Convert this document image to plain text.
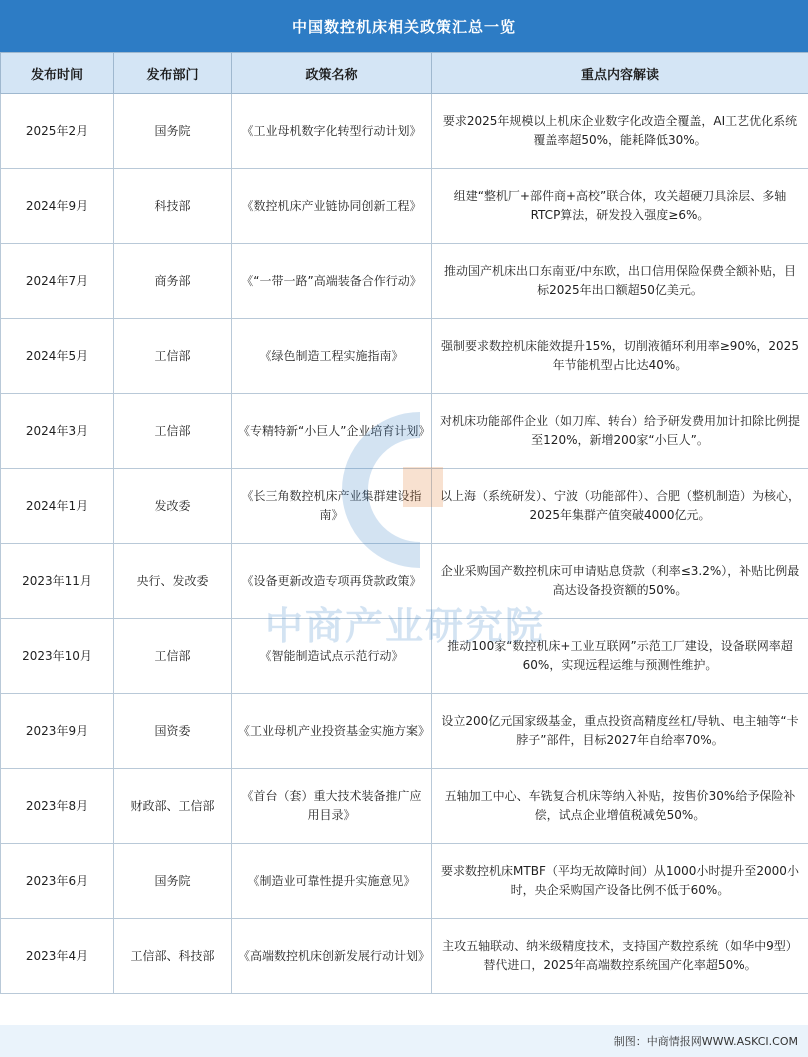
中国数控机床相关政策汇总一览
发布时间	发布部门	政策名称	重点内容解读
2025年2月	国务院	《工业母机数字化转型行动计划》	要求2025年规模以上机床企业数字化改造全覆盖，AI工艺优化系统覆盖率超50%，能耗降低30%。
2024年9月	科技部	《数控机床产业链协同创新工程》	组建“整机厂+部件商+高校”联合体，攻关超硬刀具涂层、多轴RTCP算法，研发投入强度≥6%。
2024年7月	商务部	《“一带一路”高端装备合作行动》	推动国产机床出口东南亚/中东欧，出口信用保险保费全额补贴，目标2025年出口额超50亿美元。
2024年5月	工信部	《绿色制造工程实施指南》	强制要求数控机床能效提升15%，切削液循环利用率≥90%，2025年节能机型占比达40%。
2024年3月	工信部	《专精特新“小巨人”企业培育计划》	对机床功能部件企业（如刀库、转台）给予研发费用加计扣除比例提至120%，新增200家“小巨人”。
2024年1月	发改委	《长三角数控机床产业集群建设指南》	以上海（系统研发）、宁波（功能部件）、合肥（整机制造）为核心，2025年集群产值突破4000亿元。
2023年11月	央行、发改委	《设备更新改造专项再贷款政策》	企业采购国产数控机床可申请贴息贷款（利率≤3.2%），补贴比例最高达设备投资额的50%。
2023年10月	工信部	《智能制造试点示范行动》	推动100家“数控机床+工业互联网”示范工厂建设，设备联网率超60%，实现远程运维与预测性维护。
2023年9月	国资委	《工业母机产业投资基金实施方案》	设立200亿元国家级基金，重点投资高精度丝杠/导轨、电主轴等“卡脖子”部件，目标2027年自给率70%。
2023年8月	财政部、工信部	《首台（套）重大技术装备推广应用目录》	五轴加工中心、车铣复合机床等纳入补贴，按售价30%给予保险补偿，试点企业增值税减免50%。
2023年6月	国务院	《制造业可靠性提升实施意见》	要求数控机床MTBF（平均无故障时间）从1000小时提升至2000小时，央企采购国产设备比例不低于60%。
2023年4月	工信部、科技部	《高端数控机床创新发展行动计划》	主攻五轴联动、纳米级精度技术，支持国产数控系统（如华中9型）替代进口，2025年高端数控系统国产化率超50%。
中商产业研究院
制图：中商情报网WWW.ASKCI.COM
